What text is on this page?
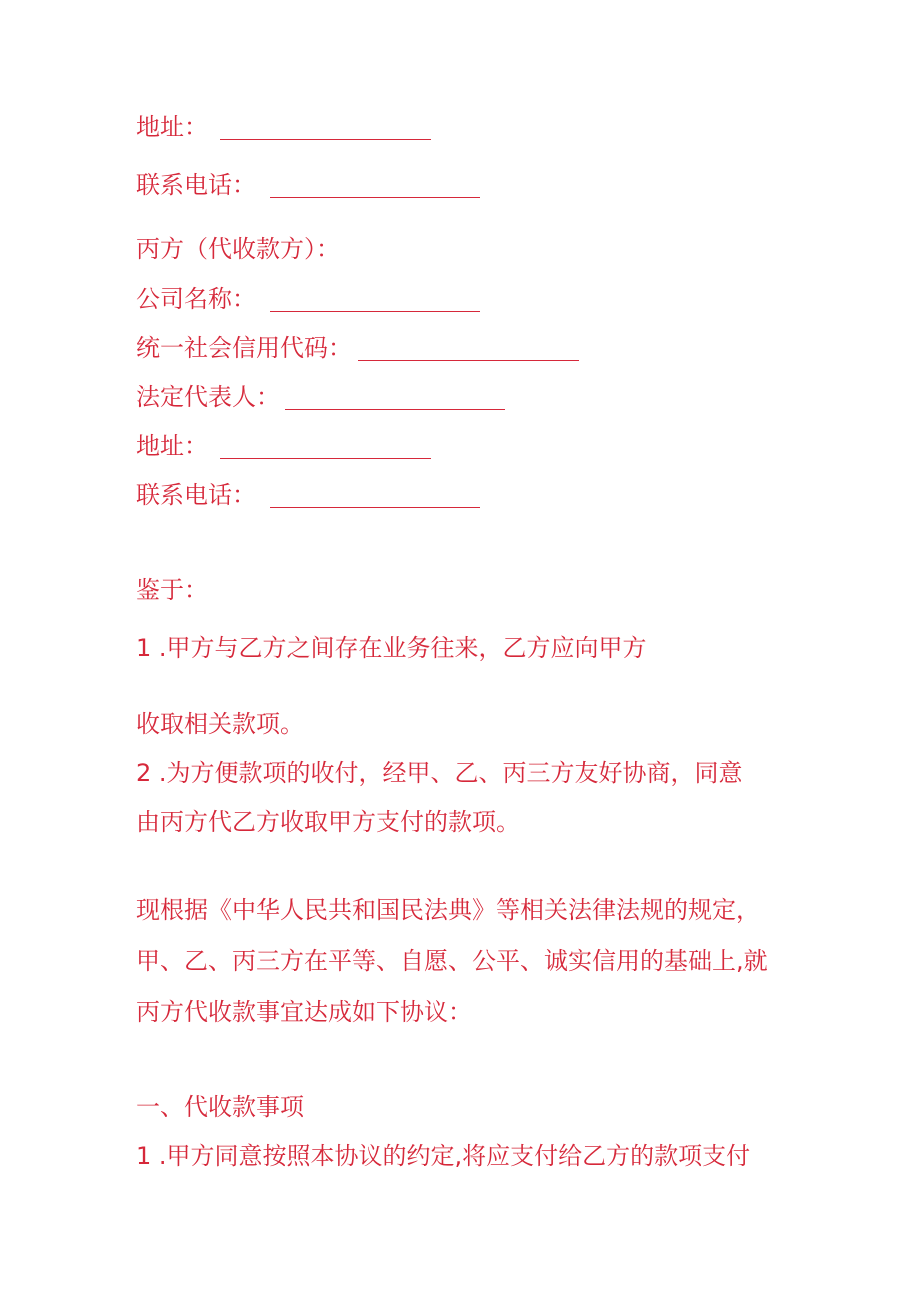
地址：
联系电话：
丙方（代收款方）：
公司名称：
统一社会信用代码：
法定代表人：
地址：
联系电话：
鉴于：
1 .甲方与乙方之间存在业务往来，乙方应向甲方
收取相关款项。
2 .为方便款项的收付，经甲、乙、丙三方友好协商，同意
由丙方代乙方收取甲方支付的款项。
现根据《中华人民共和国民法典》等相关法律法规的规定，
甲、乙、丙三方在平等、自愿、公平、诚实信用的基础上,就
丙方代收款事宜达成如下协议：
一、代收款事项
1 .甲方同意按照本协议的约定,将应支付给乙方的款项支付
